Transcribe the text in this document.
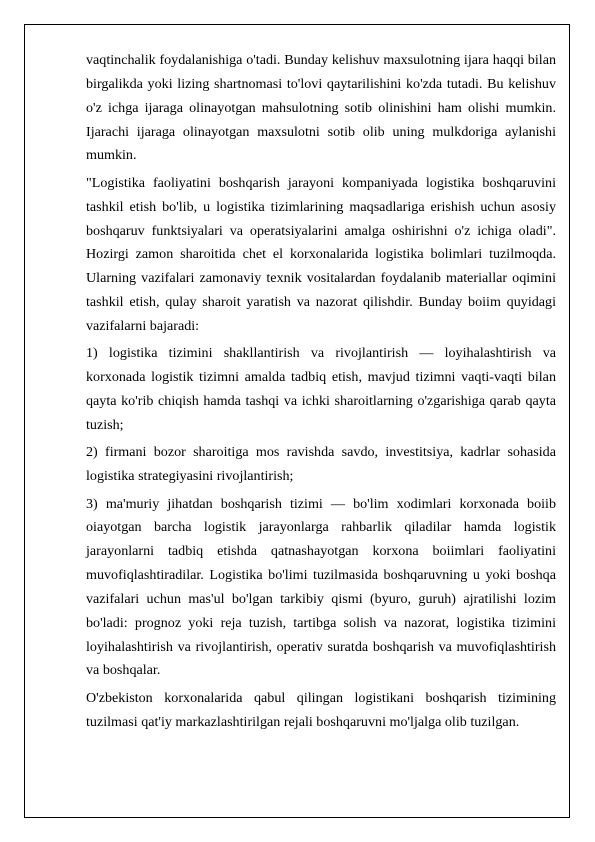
vaqtinchalik foydalanishiga o'tadi. Bunday kelishuv maxsulotning ijara haqqi bilan birgalikda yoki lizing shartnomasi to'lovi qaytarilishini ko'zda tutadi. Bu kelishuv o'z ichga ijaraga olinayotgan mahsulotning sotib olinishini ham olishi mumkin. Ijarachi ijaraga olinayotgan maxsulotni sotib olib uning mulkdoriga aylanishi mumkin.

"Logistika faoliyatini boshqarish jarayoni kompaniyada logistika boshqaruvini tashkil etish bo'lib, u logistika tizimlarining maqsadlariga erishish uchun asosiy boshqaruv funktsiyalari va operatsiyalarini amalga oshirishni o'z ichiga oladi". Hozirgi zamon sharoitida chet el korxonalarida logistika bolimlari tuzilmoqda. Ularning vazifalari zamonaviy texnik vositalardan foydalanib materiallar oqimini tashkil etish, qulay sharoit yaratish va nazorat qilishdir. Bunday boiim quyidagi vazifalarni bajaradi:

1) logistika tizimini shakllantirish va rivojlantirish — loyihalashtirish va korxonada logistik tizimni amalda tadbiq etish, mavjud tizimni vaqti-vaqti bilan qayta ko'rib chiqish hamda tashqi va ichki sharoitlarning o'zgarishiga qarab qayta tuzish;

2) firmani bozor sharoitiga mos ravishda savdo, investitsiya, kadrlar sohasida logistika strategiyasini rivojlantirish;

3) ma'muriy jihatdan boshqarish tizimi — bo'lim xodimlari korxonada boiib oiayotgan barcha logistik jarayonlarga rahbarlik qiladilar hamda logistik jarayonlarni tadbiq etishda qatnashayotgan korxona boiimlari faoliyatini muvofiqlashtiradilar. Logistika bo'limi tuzilmasida boshqaruvning u yoki boshqa vazifalari uchun mas'ul bo'lgan tarkibiy qismi (byuro, guruh) ajratilishi lozim bo'ladi: prognoz yoki reja tuzish, tartibga solish va nazorat, logistika tizimini loyihalashtirish va rivojlantirish, operativ suratda boshqarish va muvofiqlashtirish va boshqalar.

O'zbekiston korxonalarida qabul qilingan logistikani boshqarish tizimining tuzilmasi qat'iy markazlashtirilgan rejali boshqaruvni mo'ljalga olib tuzilgan.
